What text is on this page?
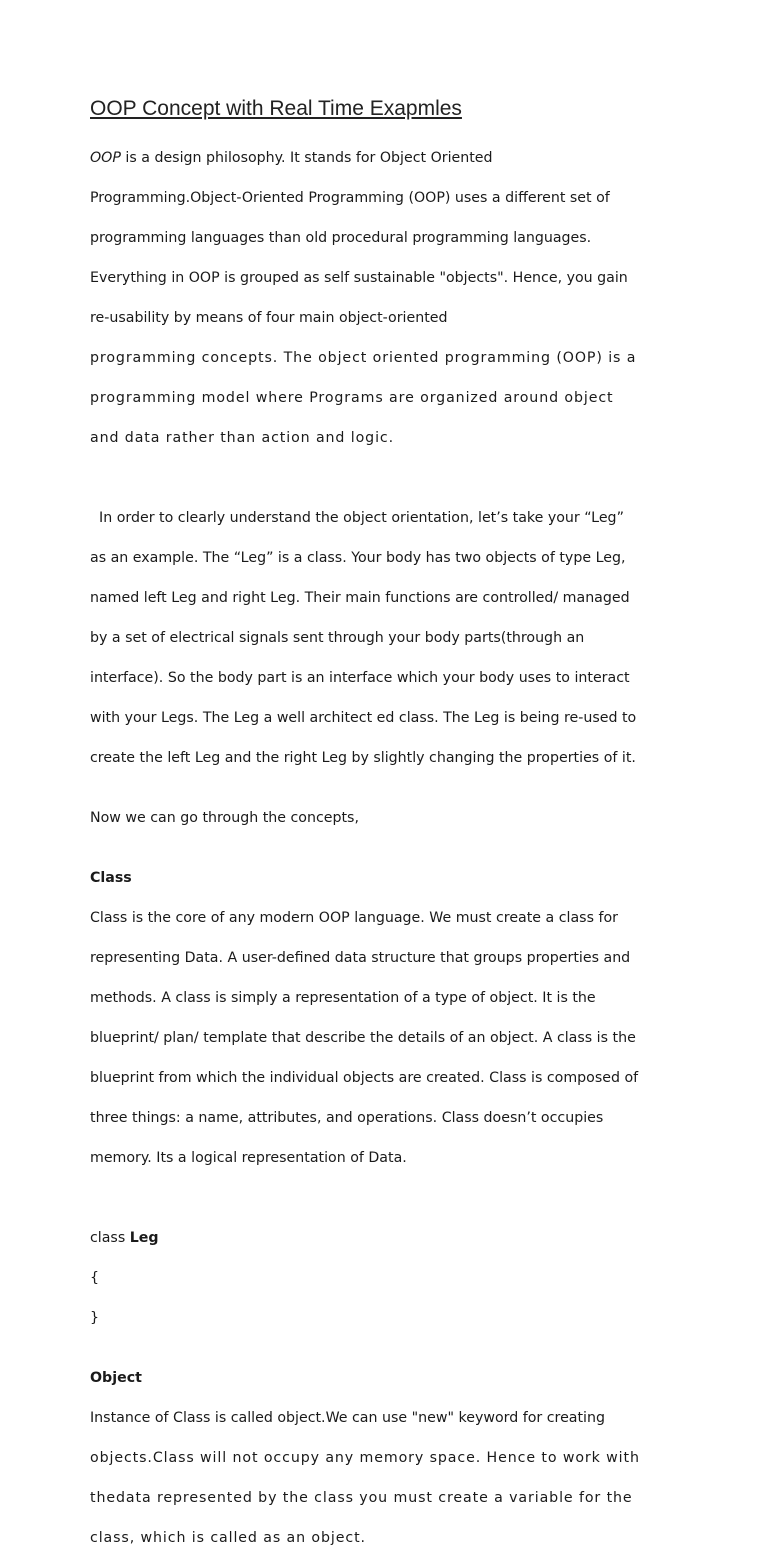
OOP Concept with Real Time Exapmles

OOP is a design philosophy. It stands for Object Oriented

Programming.Object-Oriented Programming (OOP) uses a different set of

programming languages than old procedural programming languages.

Everything in OOP is grouped as self sustainable "objects". Hence, you gain

re-usability by means of four main object-oriented

programming concepts. The object oriented programming (OOP) is a

programming model where Programs are organized around object

and data rather than action and logic.

In order to clearly understand the object orientation, let’s take your “Leg”

as an example. The “Leg” is a class. Your body has two objects of type Leg,

named left Leg and right Leg. Their main functions are controlled/ managed

by a set of electrical signals sent through your body parts(through an

interface). So the body part is an interface which your body uses to interact

with your Legs. The Leg a well architect ed class. The Leg is being re-used to

create the left Leg and the right Leg by slightly changing the properties of it.

Now we can go through the concepts,
Class

Class is the core of any modern OOP language. We must create a class for

representing Data. A user-defined data structure that groups properties and

methods. A class is simply a representation of a type of object. It is the

blueprint/ plan/ template that describe the details of an object. A class is the

blueprint from which the individual objects are created. Class is composed of

three things: a name, attributes, and operations. Class doesn’t occupies

memory. Its a logical representation of Data.

class Leg

{

}

Object

Instance of Class is called object.We can use "new" keyword for creating

objects.Class will not occupy any memory space. Hence to work with

thedata represented by the class you must create a variable for the

class, which is called as an object.
